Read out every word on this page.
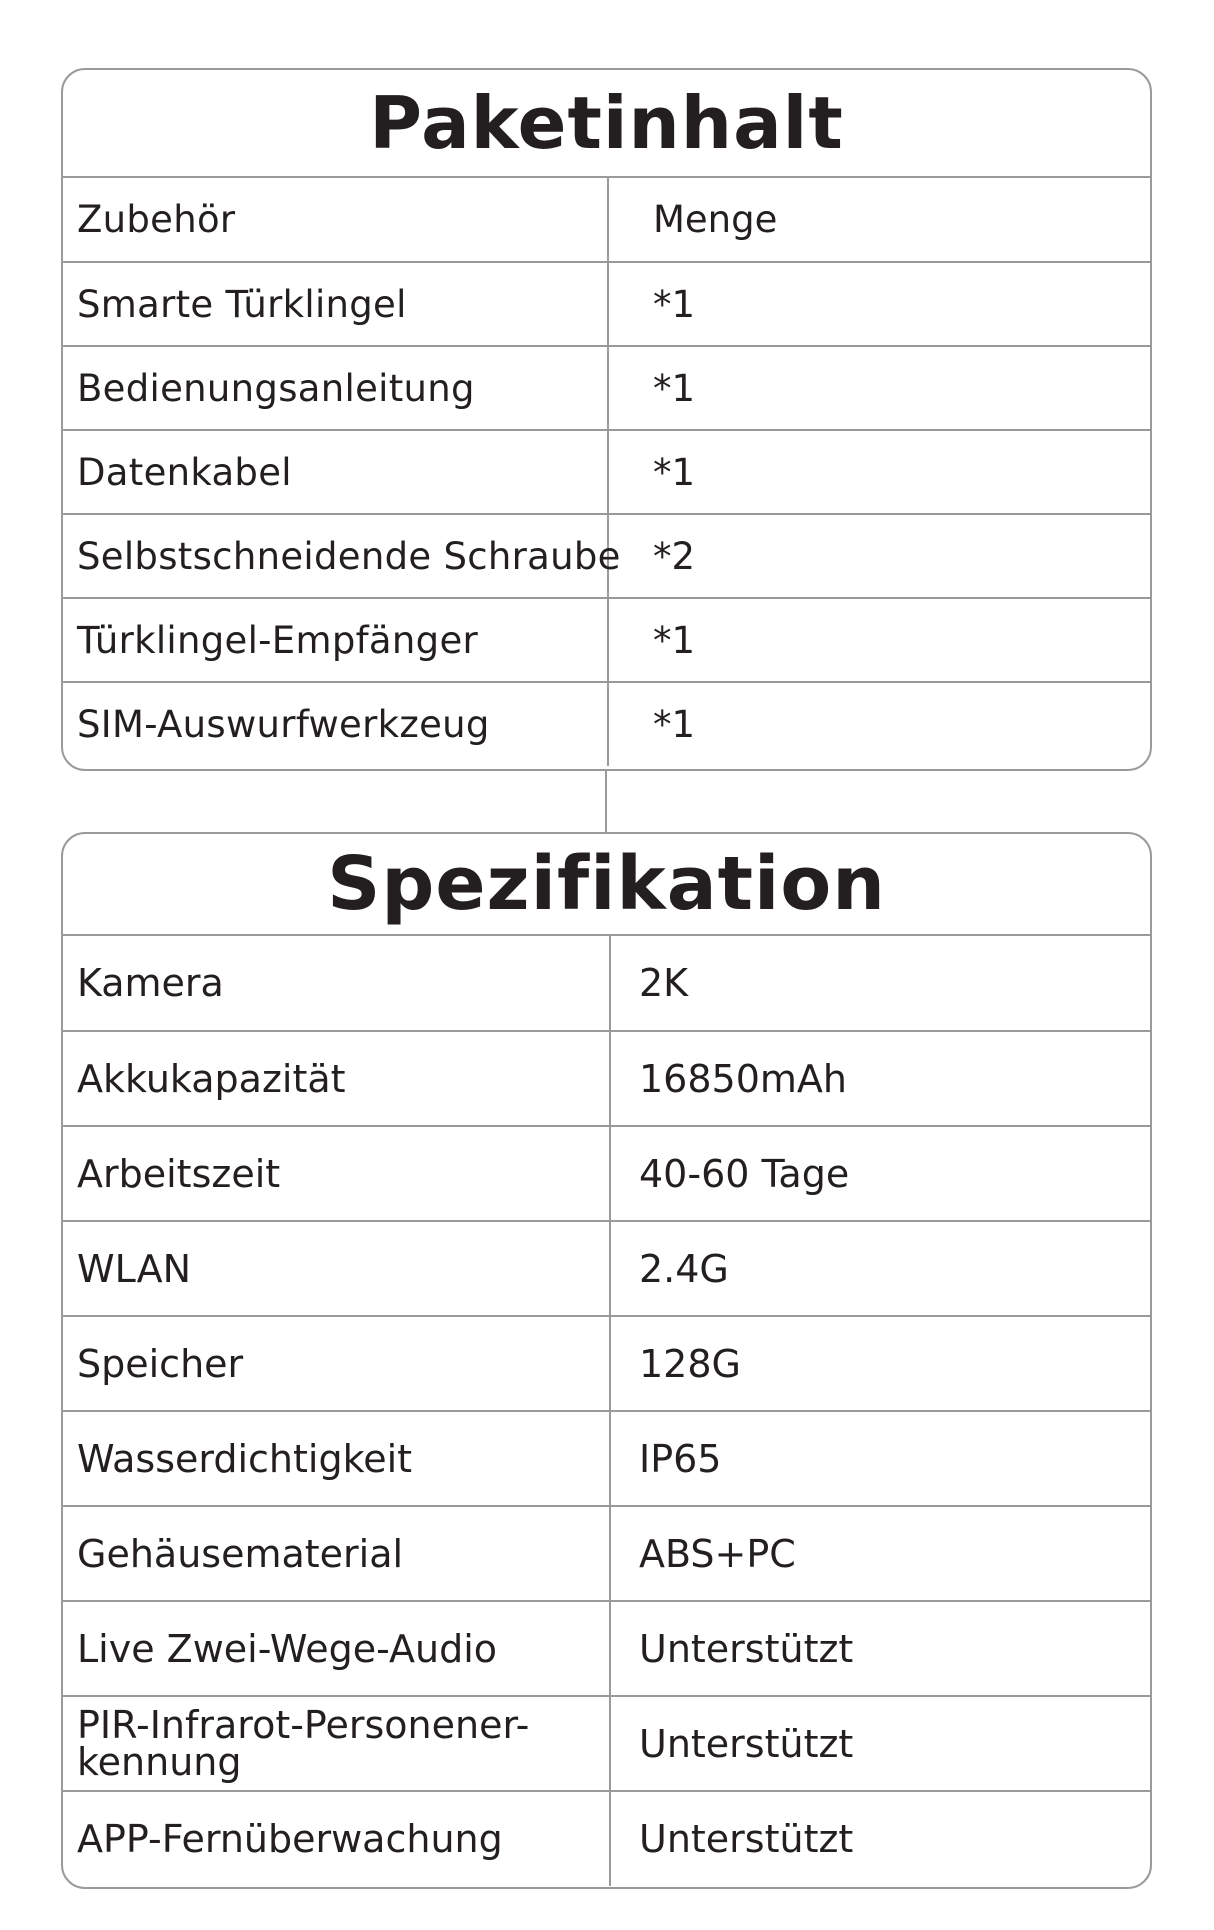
Paketinhalt
Zubehör	Menge
Smarte Türklingel	*1
Bedienungsanleitung	*1
Datenkabel	*1
Selbstschneidende Schraube	*2
Türklingel-Empfänger	*1
SIM-Auswurfwerkzeug	*1
Spezifikation
Kamera	2K
Akkukapazität	16850mAh
Arbeitszeit	40-60 Tage
WLAN	2.4G
Speicher	128G
Wasserdichtigkeit	IP65
Gehäusematerial	ABS+PC
Live Zwei-Wege-Audio	Unterstützt
PIR-Infrarot-Personener-kennung	Unterstützt
APP-Fernüberwachung	Unterstützt
